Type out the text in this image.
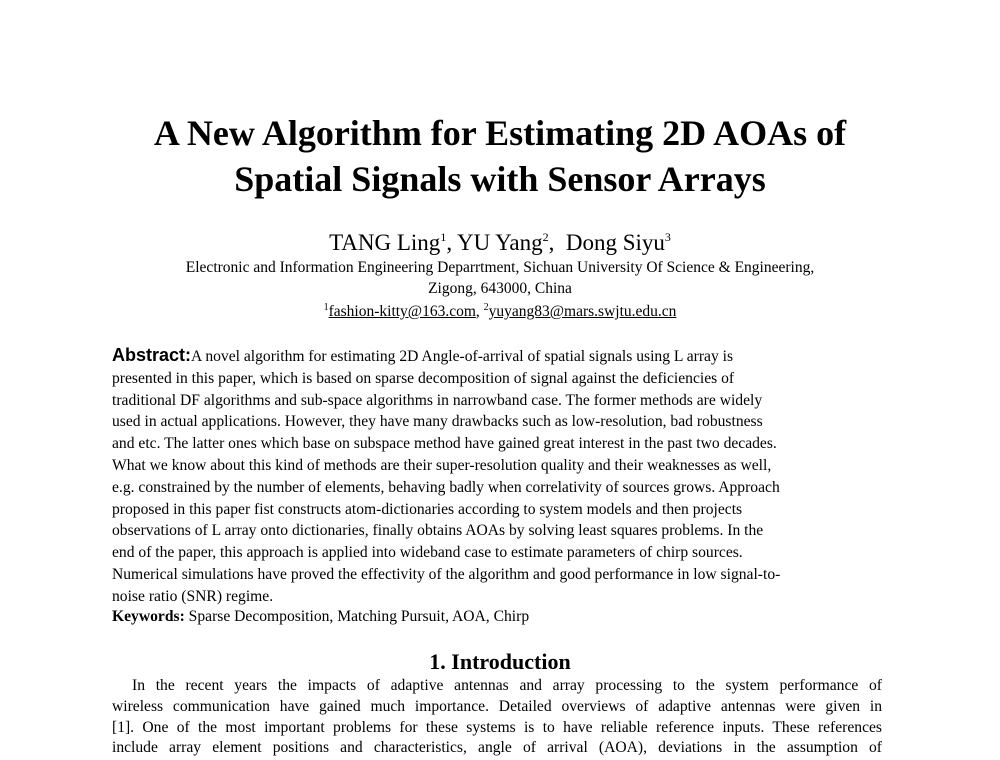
A New Algorithm for Estimating 2D AOAs of
Spatial Signals with Sensor Arrays
TANG Ling$^1$, YU Yang$^2$,  Dong Siyu$^3$
Electronic and Information Engineering Deparrtment, Sichuan University Of Science & Engineering,
Zigong, 643000, China
$^1$fashion-kitty@163.com, $^2$yuyang83@mars.swjtu.edu.cn
Abstract:A novel algorithm for estimating 2D Angle-of-arrival of spatial signals using L array is
presented in this paper, which is based on sparse decomposition of signal against the deficiencies of
traditional DF algorithms and sub-space algorithms in narrowband case. The former methods are widely
used in actual applications. However, they have many drawbacks such as low-resolution, bad robustness
and etc. The latter ones which base on subspace method have gained great interest in the past two decades.
What we know about this kind of methods are their super-resolution quality and their weaknesses as well,
e.g. constrained by the number of elements, behaving badly when correlativity of sources grows. Approach
proposed in this paper fist constructs atom-dictionaries according to system models and then projects
observations of L array onto dictionaries, finally obtains AOAs by solving least squares problems. In the
end of the paper, this approach is applied into wideband case to estimate parameters of chirp sources.
Numerical simulations have proved the effectivity of the algorithm and good performance in low signal-to-
noise ratio (SNR) regime.
Keywords: Sparse Decomposition, Matching Pursuit, AOA, Chirp
1. Introduction
In the recent years the impacts of adaptive antennas and array processing to the system performance of
wireless communication have gained much importance. Detailed overviews of adaptive antennas were given in
[1]. One of the most important problems for these systems is to have reliable reference inputs. These references
include array element positions and characteristics, angle of arrival (AOA), deviations in the assumption of
